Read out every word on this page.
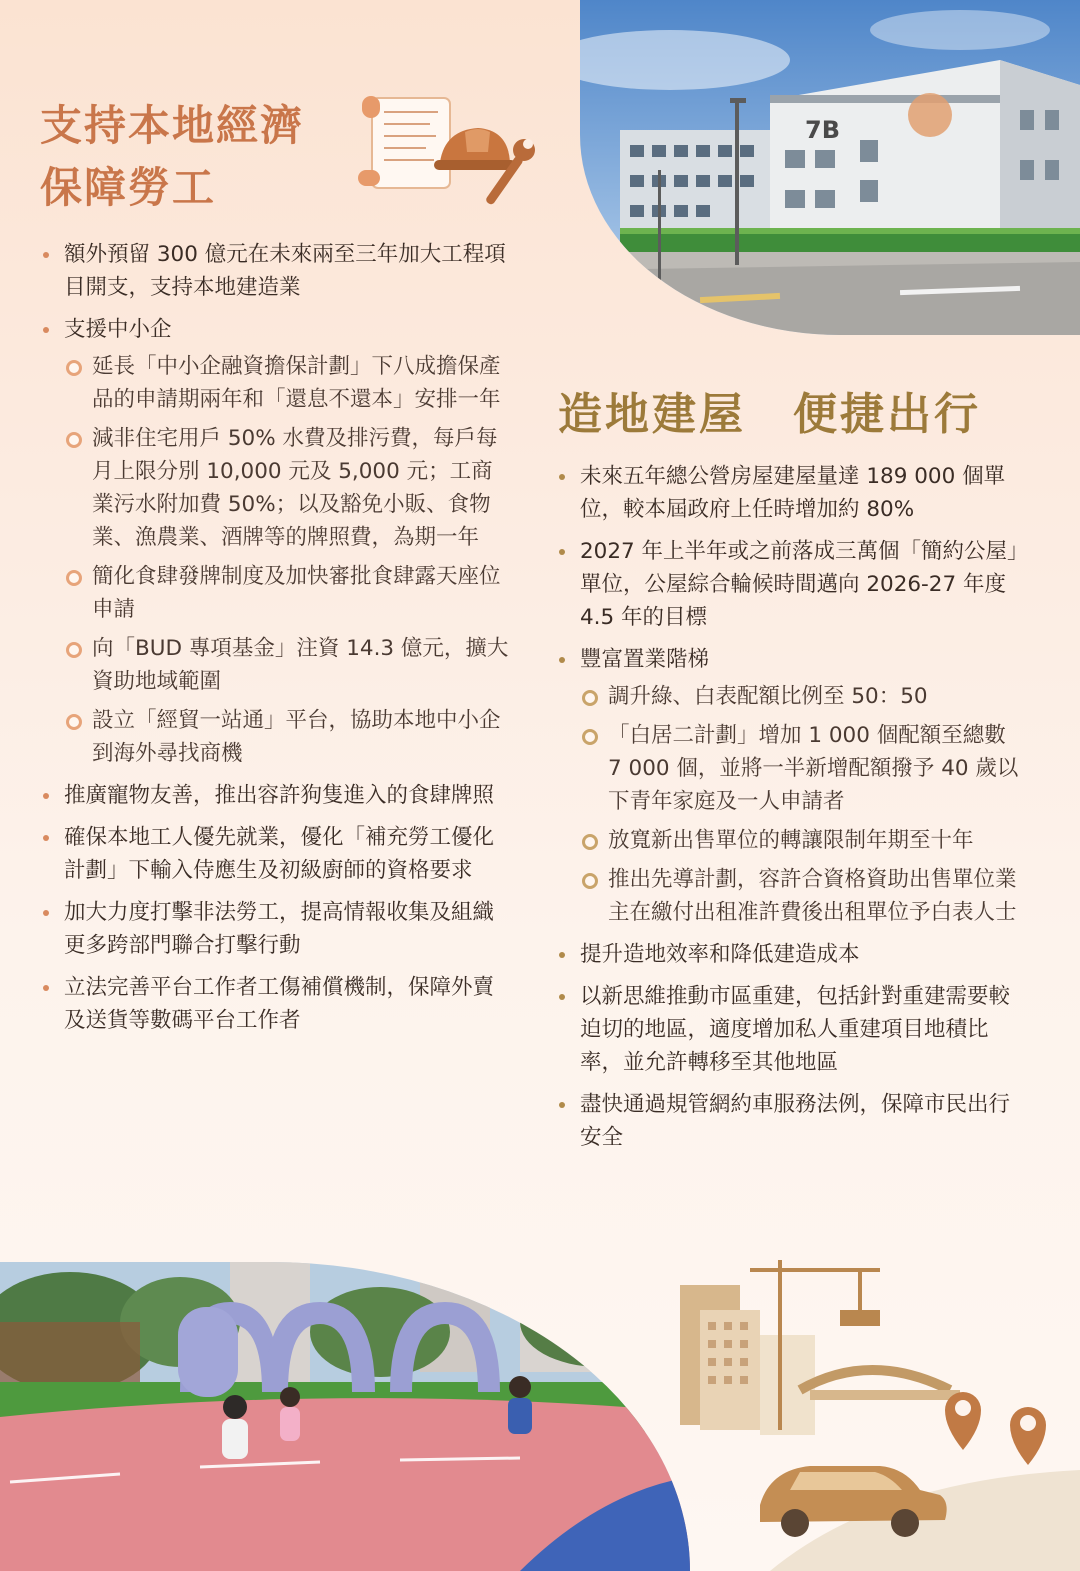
7B
支持本地經濟
保障勞工
額外預留 300 億元在未來兩至三年加大工程項目開支，支持本地建造業
支援中小企
延長「中小企融資擔保計劃」下八成擔保產品的申請期兩年和「還息不還本」安排一年
減非住宅用戶 50% 水費及排污費，每戶每月上限分別 10,000 元及 5,000 元；工商業污水附加費 50%；以及豁免小販、食物業、漁農業、酒牌等的牌照費，為期一年
簡化食肆發牌制度及加快審批食肆露天座位申請
向「BUD 專項基金」注資 14.3 億元，擴大資助地域範圍
設立「經貿一站通」平台，協助本地中小企到海外尋找商機
推廣寵物友善，推出容許狗隻進入的食肆牌照
確保本地工人優先就業，優化「補充勞工優化計劃」下輸入侍應生及初級廚師的資格要求
加大力度打擊非法勞工，提高情報收集及組織更多跨部門聯合打擊行動
立法完善平台工作者工傷補償機制，保障外賣及送貨等數碼平台工作者
造地建屋　便捷出行
未來五年總公營房屋建屋量達 189 000 個單位，較本屆政府上任時增加約 80%
2027 年上半年或之前落成三萬個「簡約公屋」單位，公屋綜合輪候時間邁向 2026-27 年度 4.5 年的目標
豐富置業階梯
調升綠、白表配額比例至 50：50
「白居二計劃」增加 1 000 個配額至總數 7 000 個，並將一半新增配額撥予 40 歲以下青年家庭及一人申請者
放寬新出售單位的轉讓限制年期至十年
推出先導計劃，容許合資格資助出售單位業主在繳付出租准許費後出租單位予白表人士
提升造地效率和降低建造成本
以新思維推動市區重建，包括針對重建需要較迫切的地區，適度增加私人重建項目地積比率，並允許轉移至其他地區
盡快通過規管網約車服務法例，保障市民出行安全
